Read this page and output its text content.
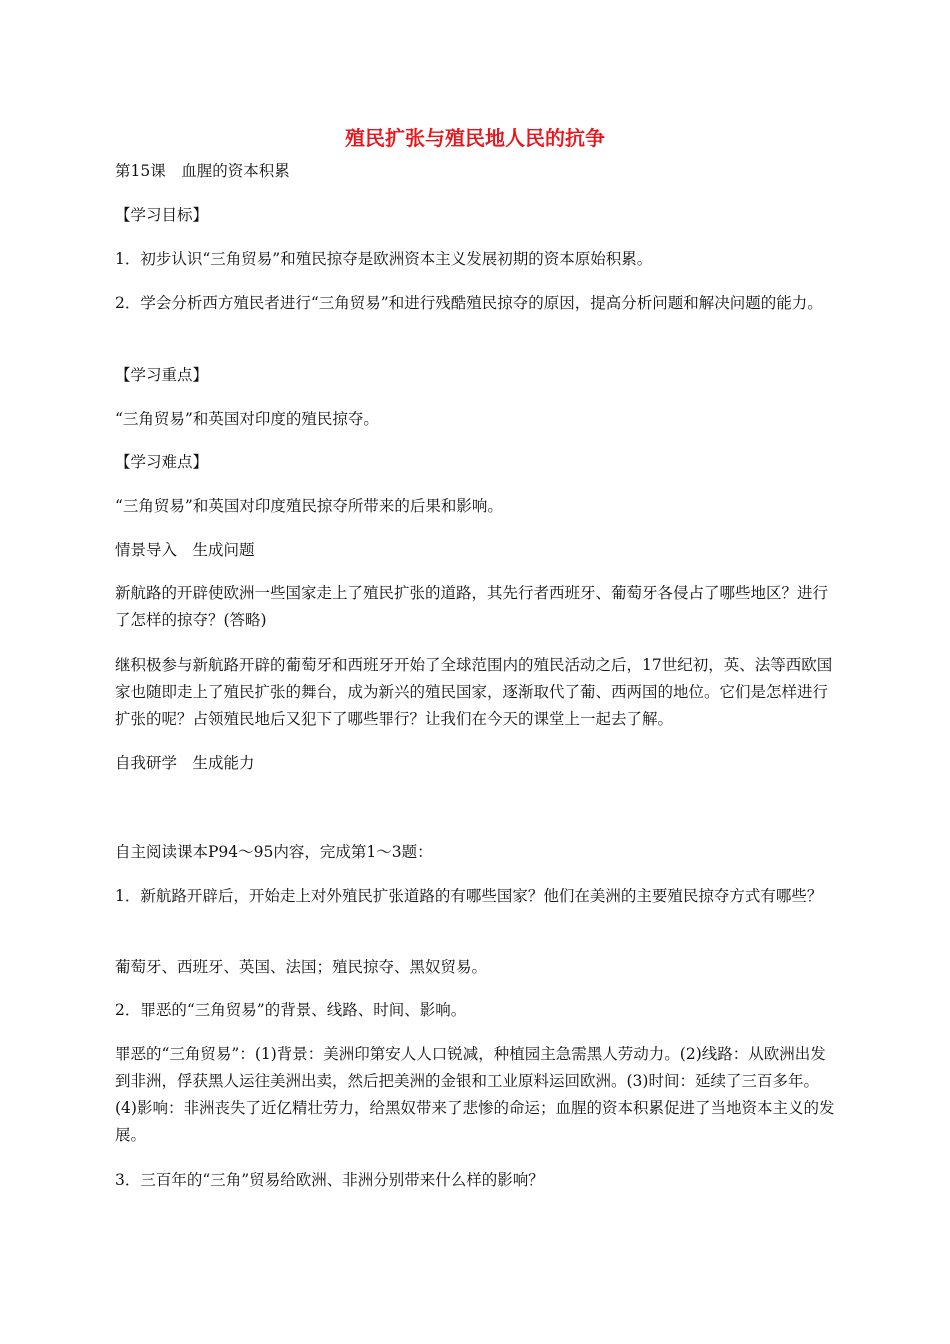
殖民扩张与殖民地人民的抗争
第15课　血腥的资本积累
【学习目标】
1．初步认识“三角贸易”和殖民掠夺是欧洲资本主义发展初期的资本原始积累。
2．学会分析西方殖民者进行“三角贸易”和进行残酷殖民掠夺的原因，提高分析问题和解决问题的能力。
【学习重点】
“三角贸易”和英国对印度的殖民掠夺。
【学习难点】
“三角贸易”和英国对印度殖民掠夺所带来的后果和影响。
情景导入　生成问题
新航路的开辟使欧洲一些国家走上了殖民扩张的道路，其先行者西班牙、葡萄牙各侵占了哪些地区？进行了怎样的掠夺？(答略)
继积极参与新航路开辟的葡萄牙和西班牙开始了全球范围内的殖民活动之后，17世纪初，英、法等西欧国家也随即走上了殖民扩张的舞台，成为新兴的殖民国家，逐渐取代了葡、西两国的地位。它们是怎样进行扩张的呢？占领殖民地后又犯下了哪些罪行？让我们在今天的课堂上一起去了解。
自我研学　生成能力
自主阅读课本P94～95内容，完成第1～3题：
1．新航路开辟后，开始走上对外殖民扩张道路的有哪些国家？他们在美洲的主要殖民掠夺方式有哪些？
葡萄牙、西班牙、英国、法国；殖民掠夺、黑奴贸易。
2．罪恶的“三角贸易”的背景、线路、时间、影响。
罪恶的“三角贸易”：(1)背景：美洲印第安人人口锐减，种植园主急需黑人劳动力。(2)线路：从欧洲出发到非洲，俘获黑人运往美洲出卖，然后把美洲的金银和工业原料运回欧洲。(3)时间：延续了三百多年。(4)影响：非洲丧失了近亿精壮劳力，给黑奴带来了悲惨的命运；血腥的资本积累促进了当地资本主义的发展。
3．三百年的“三角”贸易给欧洲、非洲分别带来什么样的影响？
